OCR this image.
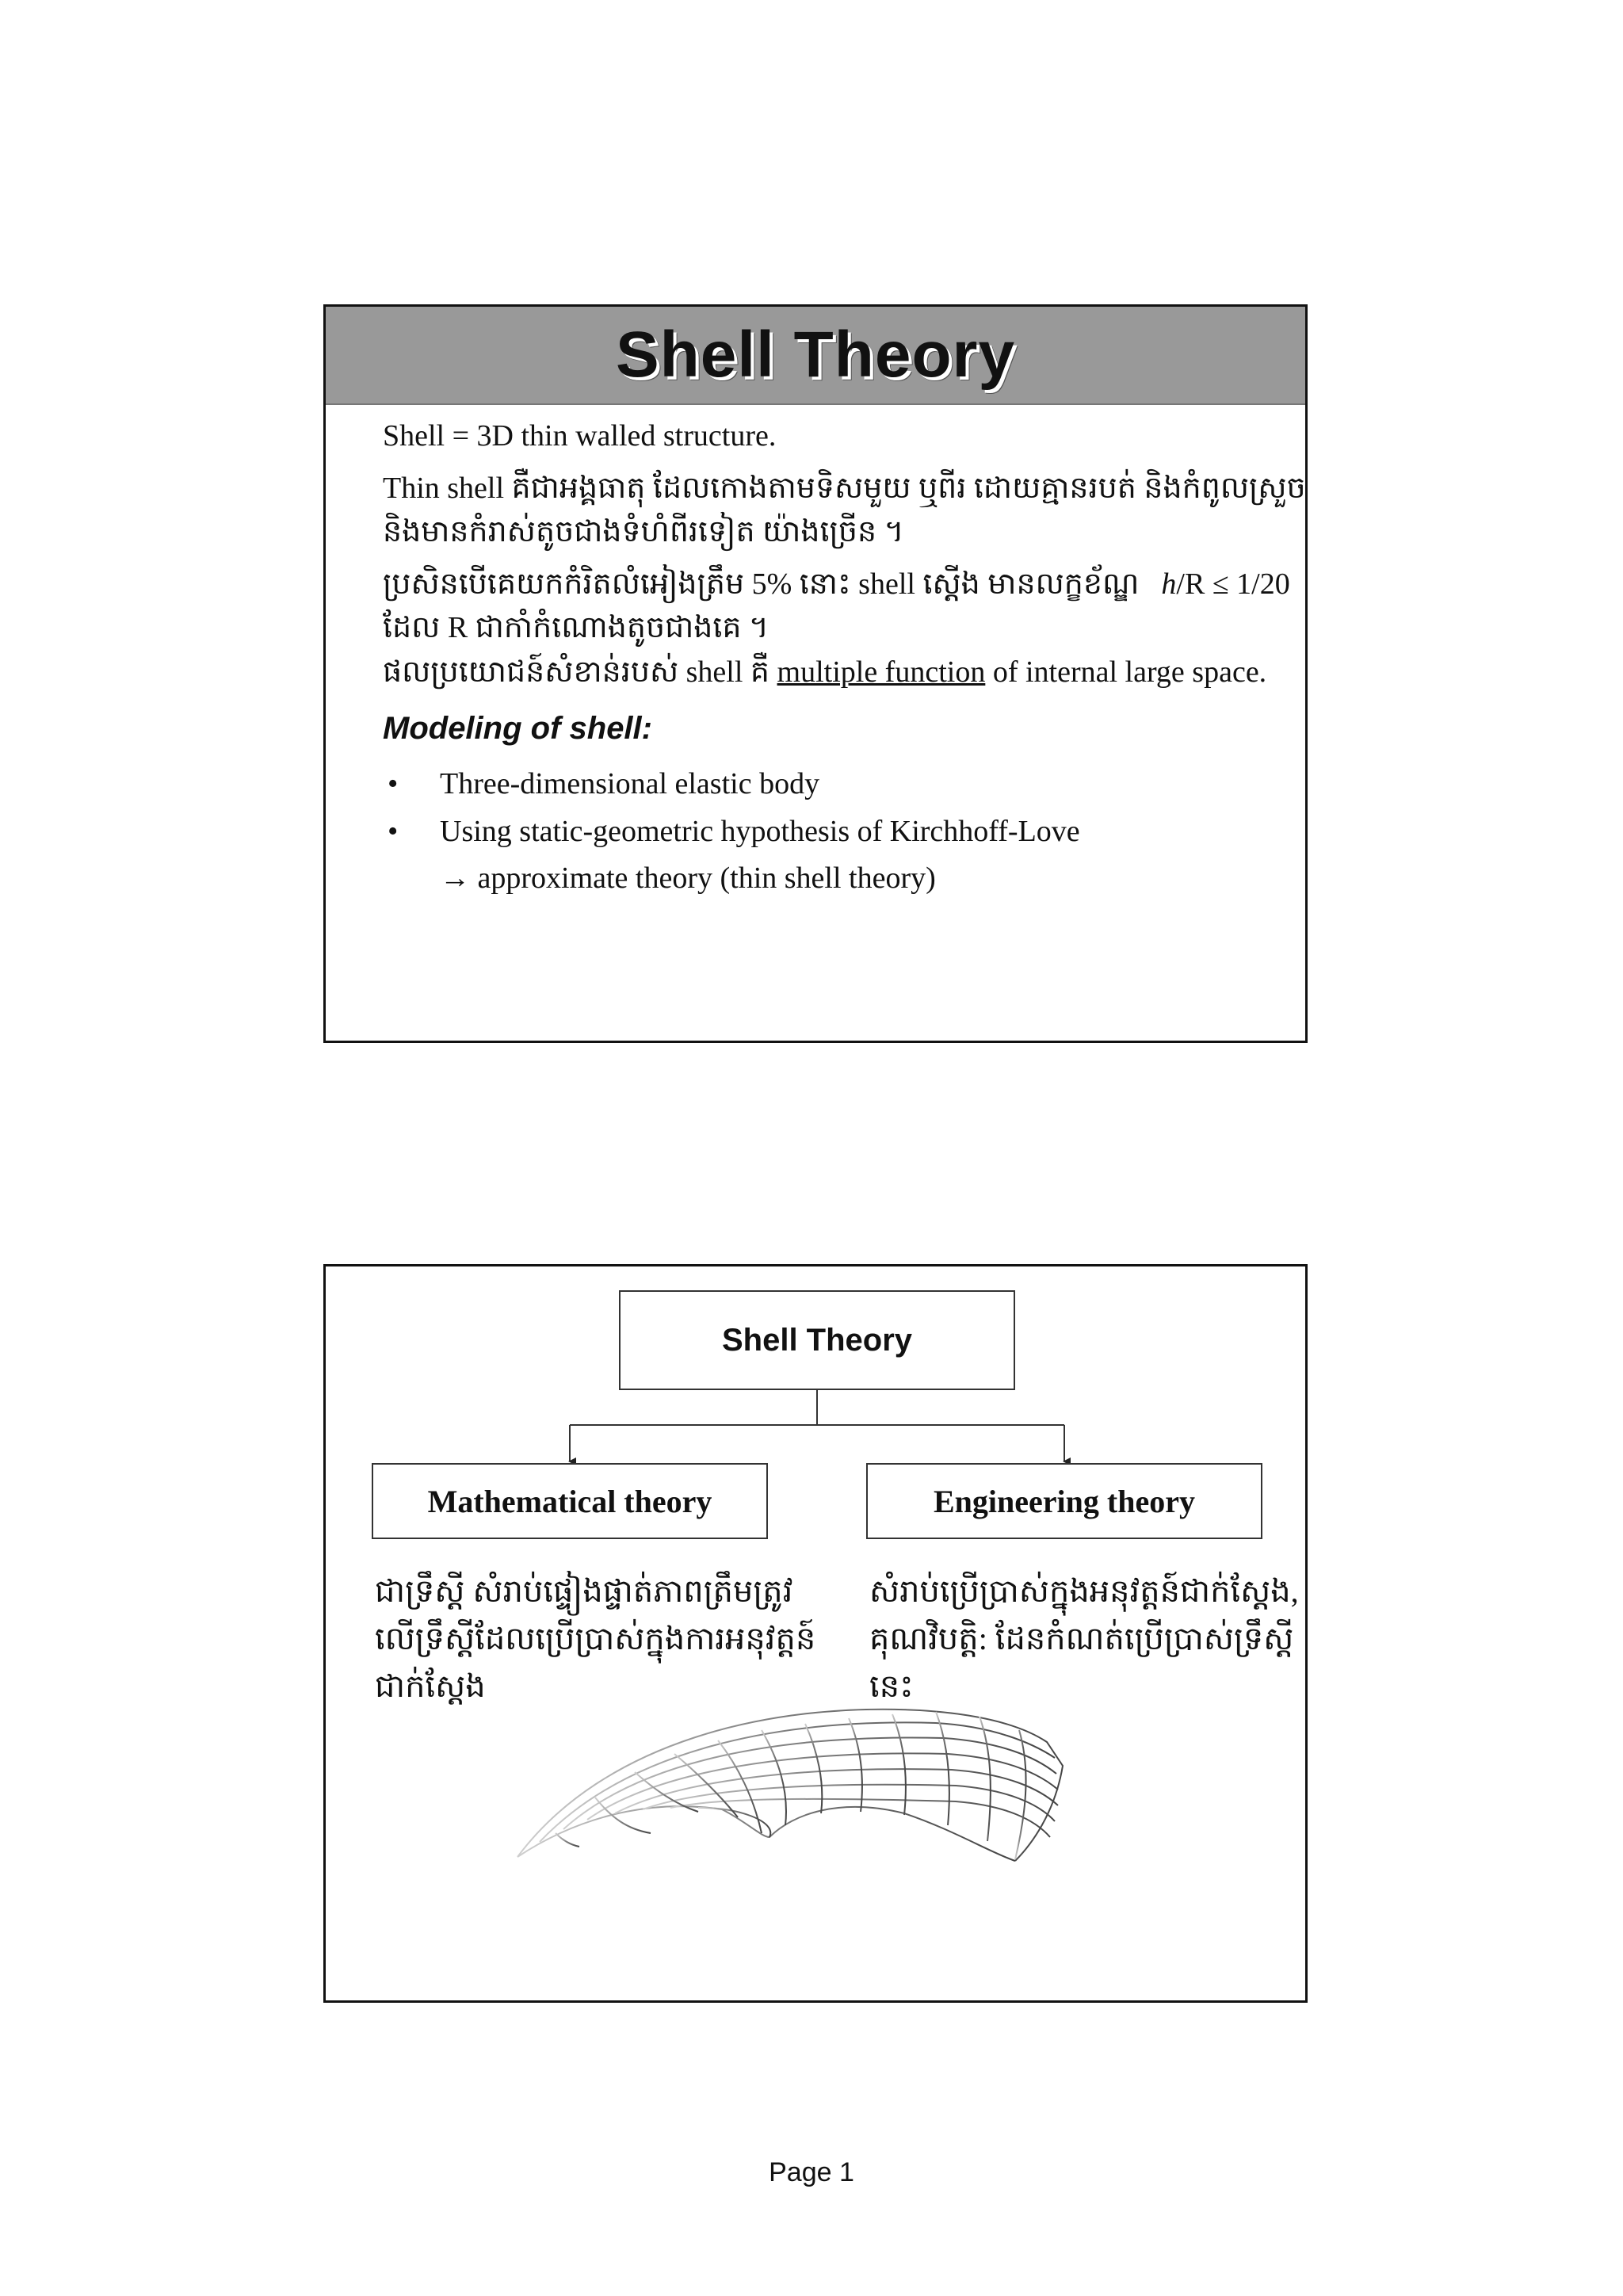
Shell Theory

Shell = 3D thin walled structure.

Thin shell គឺជាអង្គធាតុ ដែលកោងតាមទិសមួយ ឬពីរ ដោយគ្មានរបត់ និងកំពូលស្រួច

និងមានកំរាស់តូចជាងទំហំពីរទៀត យ៉ាងច្រើន ។

ប្រសិនបើគេយកកំរិតលំអៀងត្រឹម 5% នោះ shell ស្តើង មានលក្ខខ័ណ្ឌ h/R ≤ 1/20

ដែល R ជាកាំកំណោងតូចជាងគេ ។

ផលប្រយោជន៍សំខាន់របស់ shell គឺ multiple function of internal large space.

Modeling of shell:
• Three-dimensional elastic body
• Using static-geometric hypothesis of Kirchhoff-Love
→ approximate theory (thin shell theory)
Shell Theory
Mathematical theory	Engineering theory
ជាទ្រឹស្តី សំរាប់ផ្ទៀងផ្ទាត់ភាពត្រឹមត្រូវ
លើទ្រឹស្តីដែលប្រើប្រាស់ក្នុងការអនុវត្តន៍
ជាក់ស្តែង
សំរាប់ប្រើប្រាស់ក្នុងអនុវត្តន៍ជាក់ស្តែង,
គុណវិបត្តិ: ដែនកំណត់ប្រើប្រាស់ទ្រឹស្តីនេះ
Page 1
